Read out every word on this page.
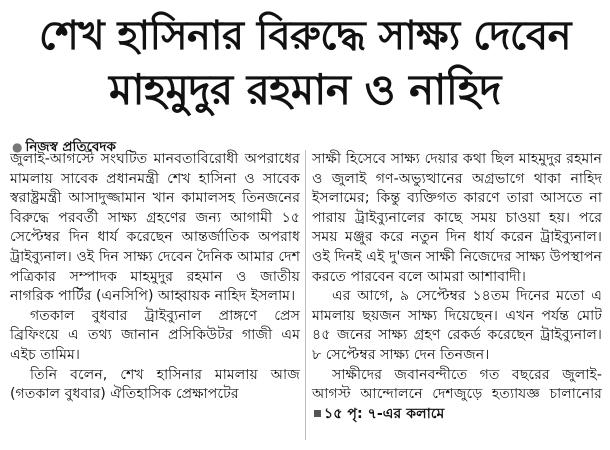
শেখ হাসিনার বিরুদ্ধে সাক্ষ্য দেবেন
মাহমুদুর রহমান ও নাহিদ
● নিজস্ব প্রতিবেদক

জুলাই-আগস্টে সংঘটিত মানবতাবিরোধী অপরাধের মামলায় সাবেক প্রধানমন্ত্রী শেখ হাসিনা ও সাবেক স্বরাষ্ট্রমন্ত্রী আসাদুজ্জামান খান কামালসহ তিনজনের বিরুদ্ধে পরবর্তী সাক্ষ্য গ্রহণের জন্য আগামী ১৫ সেপ্টেম্বর দিন ধার্য করেছেন আন্তর্জাতিক অপরাধ ট্রাইব্যুনাল। ওই দিন সাক্ষ্য দেবেন দৈনিক আমার দেশ পত্রিকার সম্পাদক মাহমুদুর রহমান ও জাতীয় নাগরিক পার্টির (এনসিপি) আহ্বায়ক নাহিদ ইসলাম।

গতকাল বুধবার ট্রাইব্যুনাল প্রাঙ্গণে প্রেস ব্রিফিংয়ে এ তথ্য জানান প্রসিকিউটর গাজী এম এইচ তামিম।

তিনি বলেন, শেখ হাসিনার মামলায় আজ (গতকাল বুধবার) ঐতিহাসিক প্রেক্ষাপটের

সাক্ষী হিসেবে সাক্ষ্য দেয়ার কথা ছিল মাহমুদুর রহমান ও জুলাই গণ-অভ্যুত্থানের অগ্রভাগে থাকা নাহিদ ইসলামের; কিন্তু ব্যক্তিগত কারণে তারা আসতে না পারায় ট্রাইব্যুনালের কাছে সময় চাওয়া হয়। পরে সময় মঞ্জুর করে নতুন দিন ধার্য করেন ট্রাইব্যুনাল। ওই দিনই এই দু'জন সাক্ষী নিজেদের সাক্ষ্য উপস্থাপন করতে পারবেন বলে আমরা আশাবাদী।

এর আগে, ৯ সেপ্টেম্বর ১৪তম দিনের মতো এ মামলায় ছয়জন সাক্ষ্য দিয়েছেন। এখন পর্যন্ত মোট ৪৫ জনের সাক্ষ্য গ্রহণ রেকর্ড করেছেন ট্রাইব্যুনাল। ৮ সেপ্টেম্বর সাক্ষ্য দেন তিনজন।

সাক্ষীদের জবানবন্দীতে গত বছরের জুলাই-আগস্ট আন্দোলনে দেশজুড়ে হত্যাযজ্ঞ চালানোর ১৫ পৃ: ৭-এর কলামে
